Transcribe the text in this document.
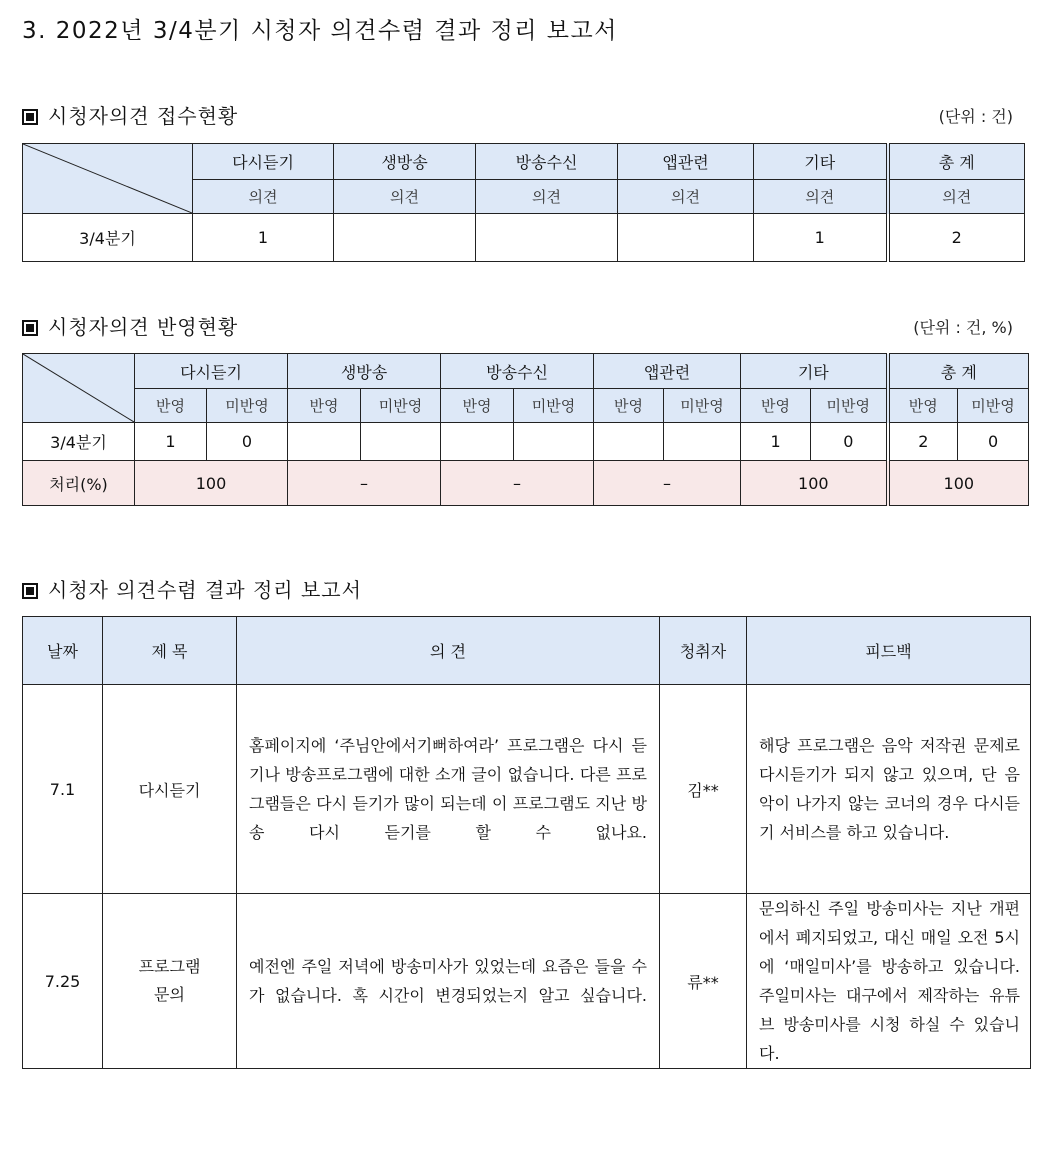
3. 2022년 3/4분기 시청자 의견수렴 결과 정리 보고서
시청자의견 접수현황	(단위 : 건)
	다시듣기	생방송	방송수신	앱관련	기타	총 계
	의견	의견	의견	의견	의견	의견
3/4분기	1				1	2
시청자의견 반영현황	(단위 : 건, %)
	다시듣기		생방송		방송수신		앱관련		기타		총 계	
	반영	미반영	반영	미반영	반영	미반영	반영	미반영	반영	미반영	반영	미반영
3/4분기	1	0							1	0	2	0
처리(%)	100		–		–		–		100		100	
시청자 의견수렴 결과 정리 보고서
날짜	제 목	의 견	청취자	피드백
7.1	다시듣기	홈페이지에 ‘주님안에서기뻐하여라’ 프로그램은 다시 듣기나 방송프로그램에 대한 소개 글이 없습니다. 다른 프로그램들은 다시 듣기가 많이 되는데 이 프로그램도 지난 방송 다시 듣기를 할 수 없나요.	김**	해당 프로그램은 음악 저작권 문제로 다시듣기가 되지 않고 있으며, 단 음악이 나가지 않는 코너의 경우 다시듣기 서비스를 하고 있습니다.
7.25	프로그램
문의	예전엔 주일 저녁에 방송미사가 있었는데 요즘은 들을 수가 없습니다. 혹 시간이 변경되었는지 알고 싶습니다.	류**	문의하신 주일 방송미사는 지난 개편에서 폐지되었고, 대신 매일 오전 5시에 ‘매일미사’를 방송하고 있습니다. 주일미사는 대구에서 제작하는 유튜브 방송미사를 시청 하실 수 있습니다.
